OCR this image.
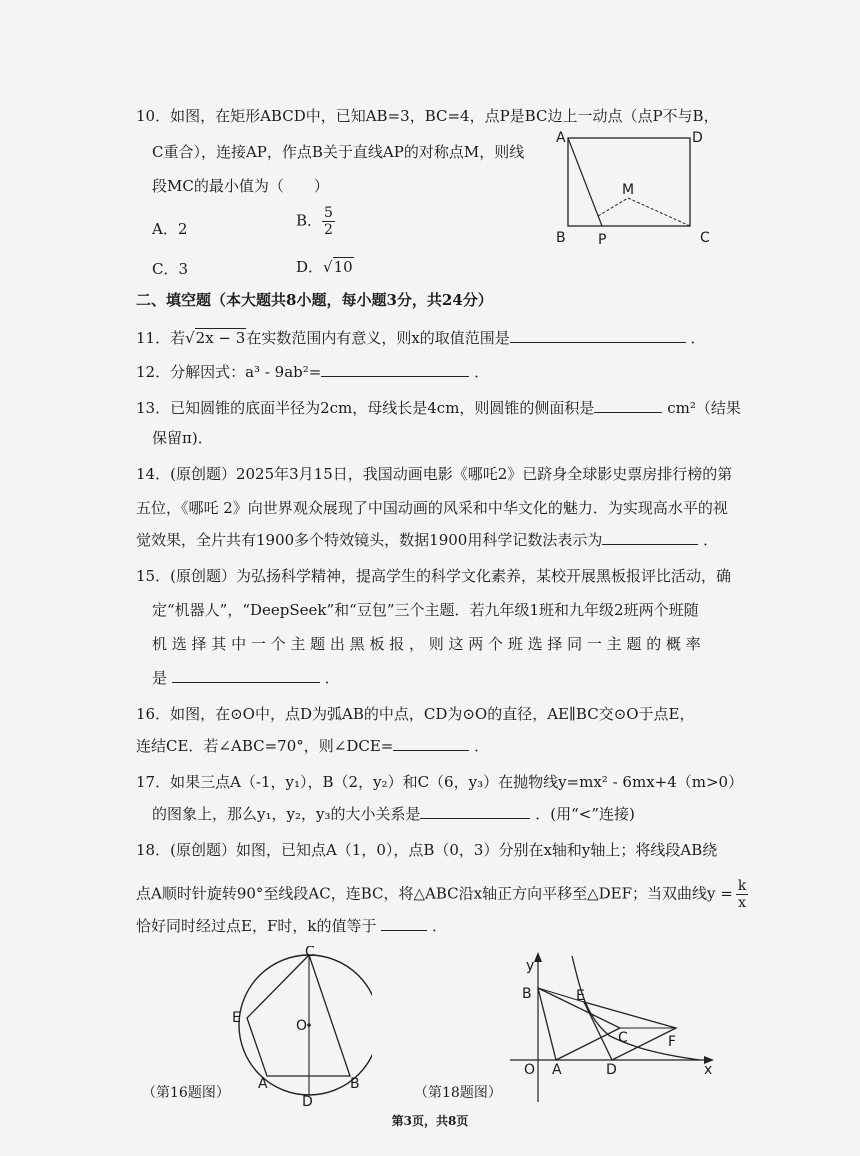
10．如图，在矩形ABCD中，已知AB=3，BC=4，点P是BC边上一动点（点P不与B，
C重合），连接AP，作点B关于直线AP的对称点M，则线
段MC的最小值为（　　）
A．2	B． $\frac{5}{2}$
C．3	D．√10
A	D
M
B P	C
二、填空题（本大题共8小题，每小题3分，共24分）
11．若√2x − 3在实数范围内有意义，则x的取值范围是	．
12．分解因式：a³ - 9ab²=	．
13．已知圆锥的底面半径为2cm，母线长是4cm，则圆锥的侧面积是	cm²（结果
保留π)．
14．(原创题）2025年3月15日，我国动画电影《哪吒2》已跻身全球影史票房排行榜的第
五位，《哪吒 2》向世界观众展现了中国动画的风采和中华文化的魅力．为实现高水平的视
觉效果，全片共有1900多个特效镜头，数据1900用科学记数法表示为	．
15．(原创题）为弘扬科学精神，提高学生的科学文化素养，某校开展黑板报评比活动，确
定“机器人”，“DeepSeek”和“豆包”三个主题．若九年级1班和九年级2班两个班随
机 选 择 其 中 一 个 主 题 出 黑 板 报 ， 则 这 两 个 班 选 择 同 一 主 题 的 概 率
是	．
16．如图，在⊙O中，点D为弧AB的中点，CD为⊙O的直径，AE∥BC交⊙O于点E，
连结CE．若∠ABC=70°，则∠DCE=	．
17．如果三点A（-1，y₁），B（2，y₂）和C（6，y₃）在抛物线y=mx² - 6mx+4（m>0）
的图象上，那么y₁，y₂，y₃的大小关系是	．(用“<”连接)
18．(原创题）如图，已知点A（1，0），点B（0，3）分别在x轴和y轴上；将线段AB绕
点A顺时针旋转90°至线段AC，连BC，将△ABC沿x轴正方向平移至△DEF；当双曲线$y = \frac{k}{x}$
恰好同时经过点E，F时，k的值等于	．
C
E	O
A	B
D
（第16题图）
y
B	E
C	F
O A	D	x
（第18题图）
第3页，共8页
